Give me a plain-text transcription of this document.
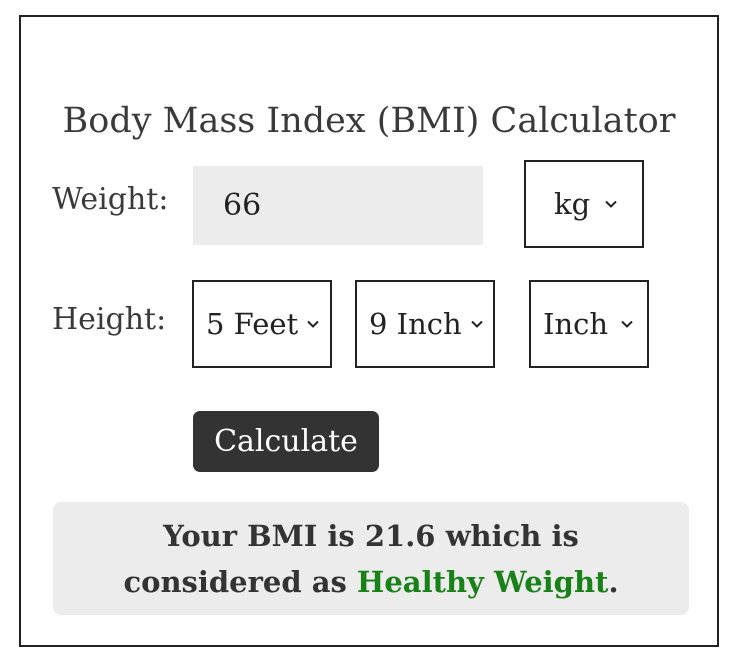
Body Mass Index (BMI) Calculator
Weight: 66	kg
Height: 5 Feet 9 Inch	Inch
Calculate
Your BMI is 21.6 which is
considered as Healthy Weight.
